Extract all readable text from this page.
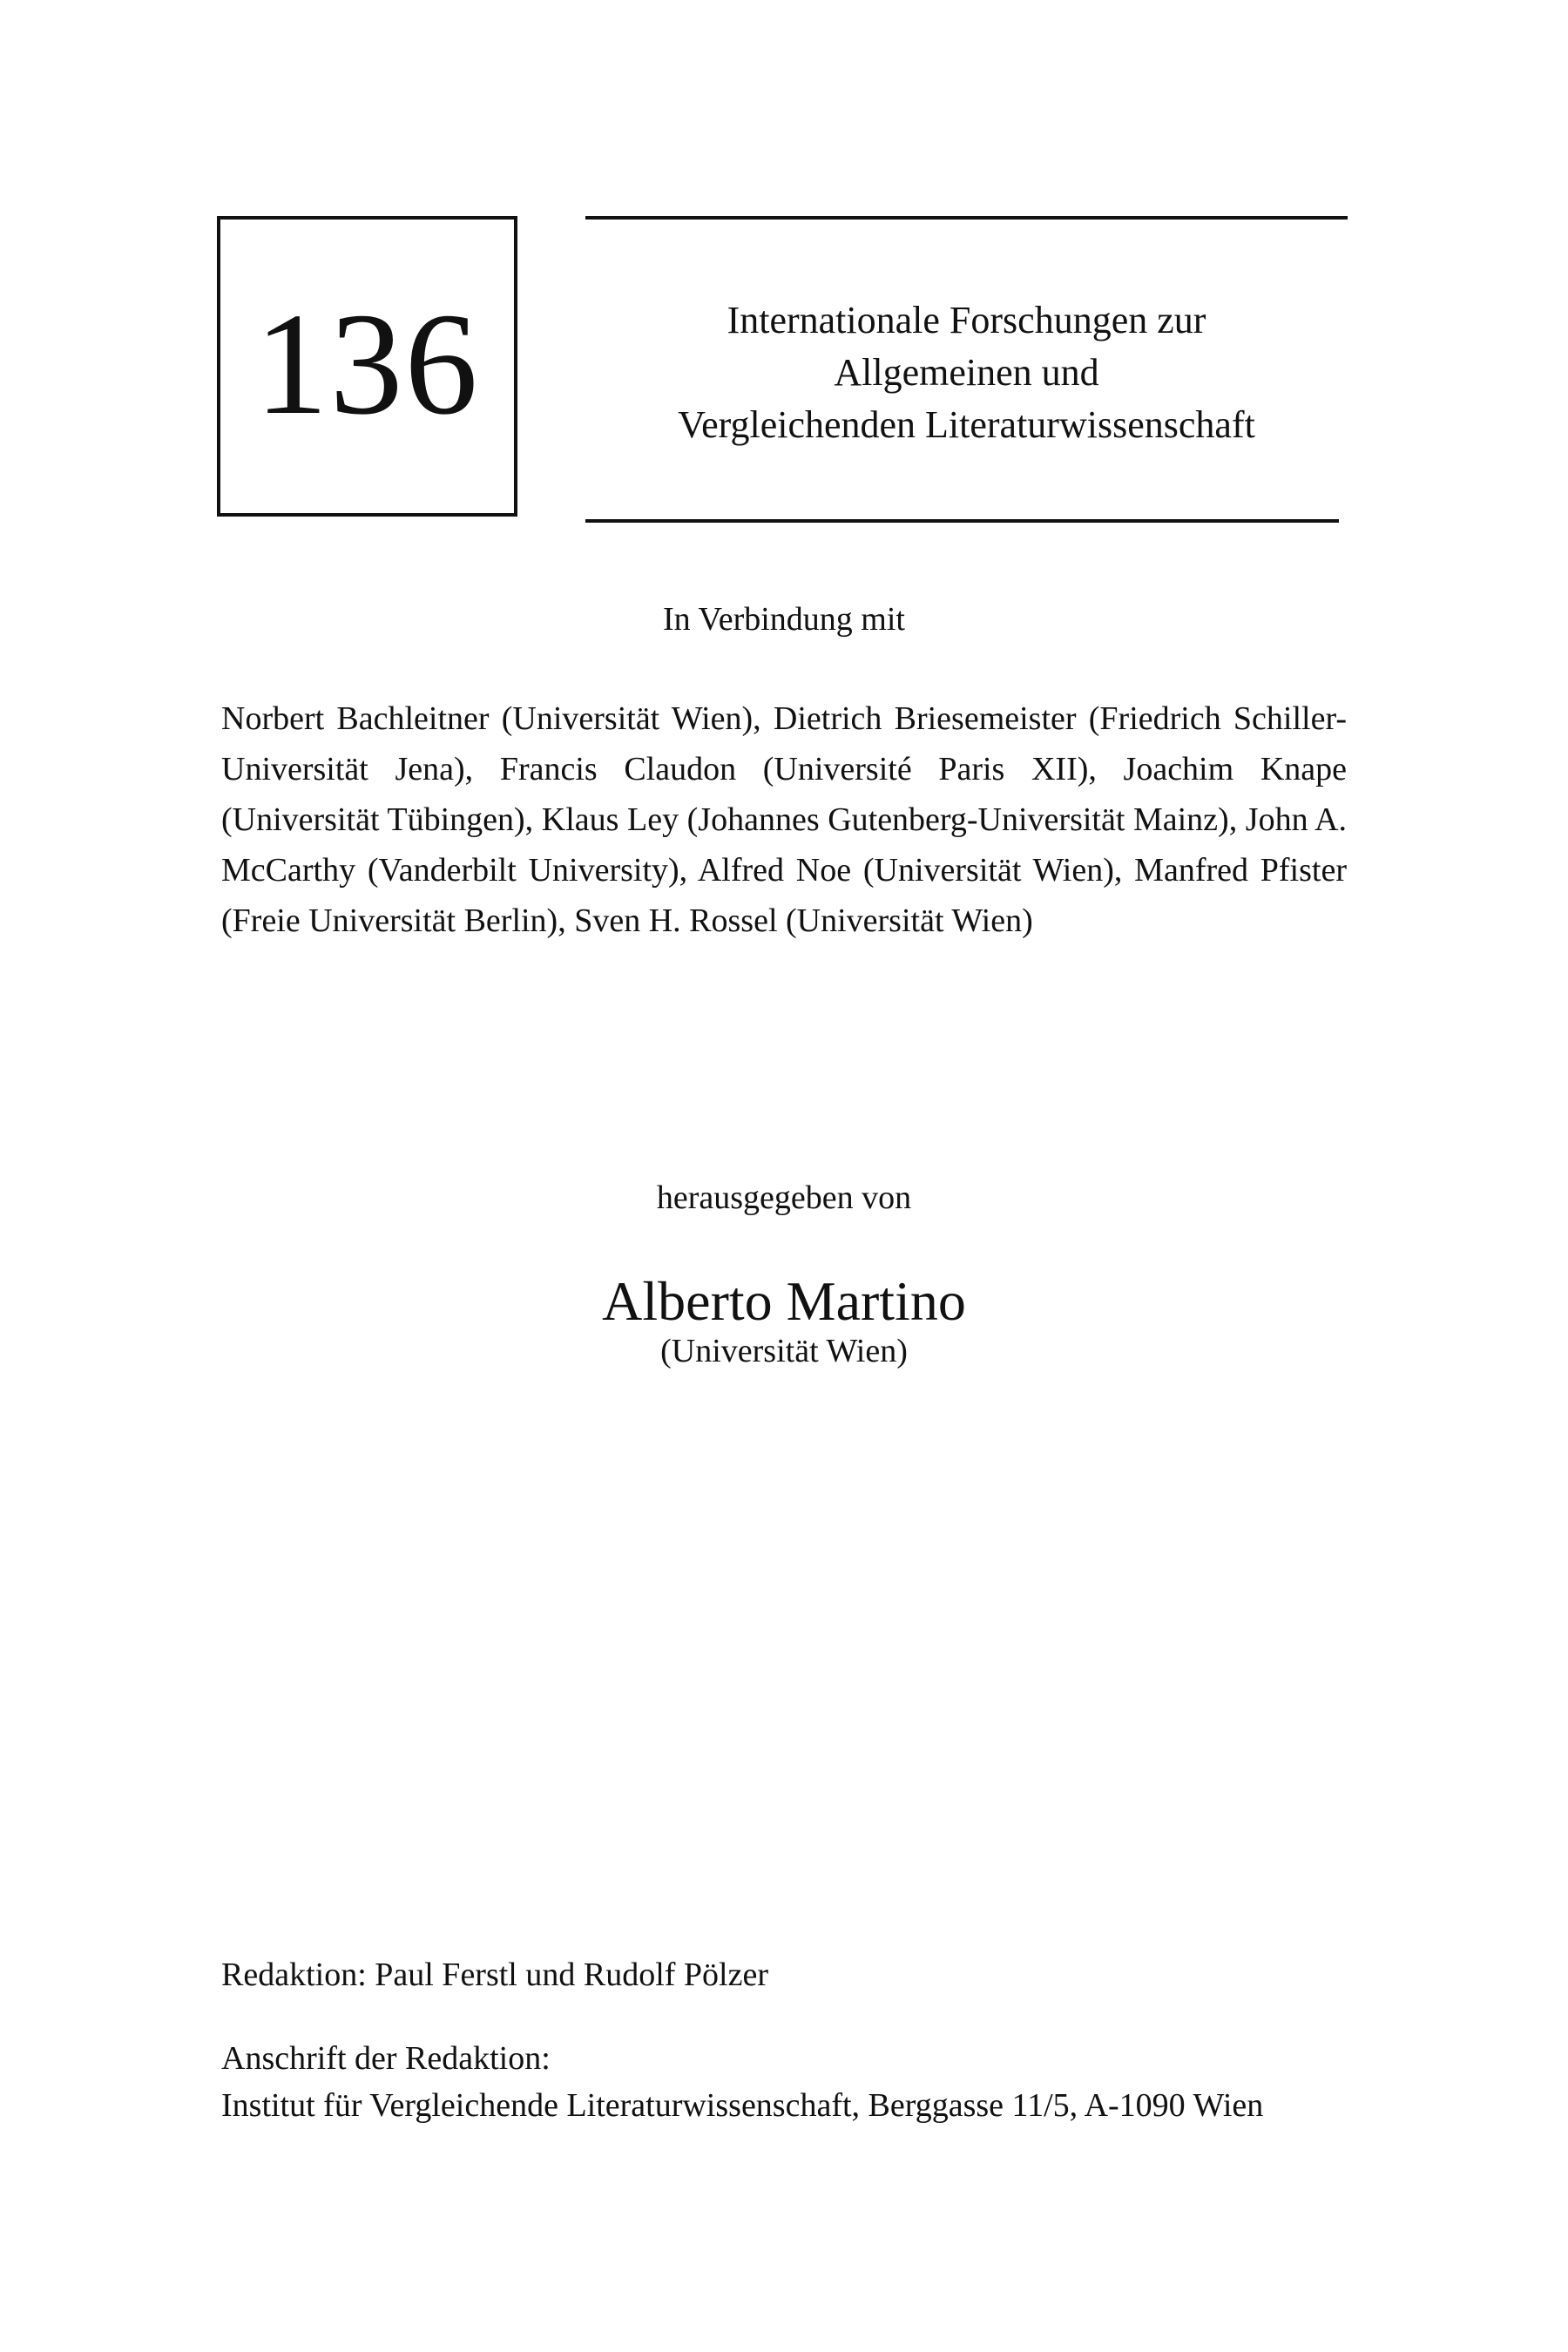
136	Internationale Forschungen zur
Allgemeinen und
Vergleichenden Literaturwissenschaft
In Verbindung mit
Norbert Bachleitner (Universität Wien), Dietrich Briesemeister (Friedrich Schiller-Universität Jena), Francis Claudon (Université Paris XII), Joachim Knape (Universität Tübingen), Klaus Ley (Johannes Gutenberg-Universität Mainz), John A. McCarthy (Vanderbilt University), Alfred Noe (Universität Wien), Manfred Pfister (Freie Universität Berlin), Sven H. Rossel (Universität Wien)
herausgegeben von
Alberto Martino
(Universität Wien)
Redaktion: Paul Ferstl und Rudolf Pölzer
Anschrift der Redaktion:
Institut für Vergleichende Literaturwissenschaft, Berggasse 11/5, A-1090 Wien
